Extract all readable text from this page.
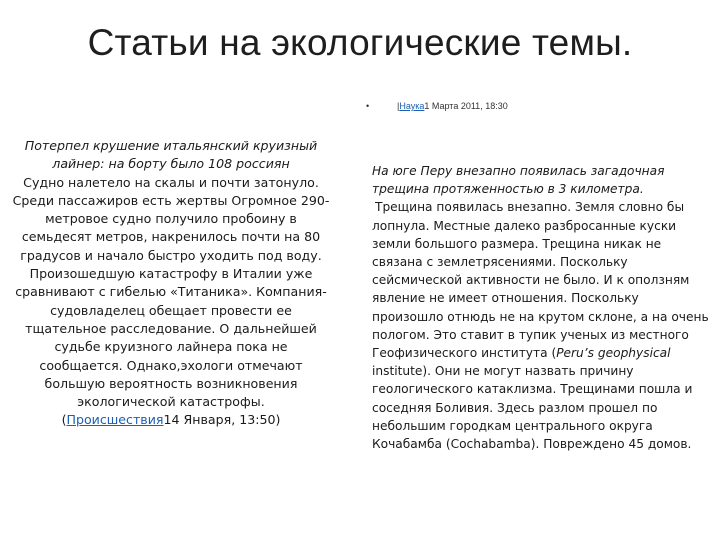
Статьи на экологические темы.
•	|Наука1 Марта 2011, 18:30

Потерпел крушение итальянский круизный лайнер: на борту было 108 россиян

Судно налетело на скалы и почти затонуло. Среди пассажиров есть жертвы Огромное 290-метровое судно получило пробоину в семьдесят метров, накренилось почти на 80 градусов и начало быстро уходить под воду. Произошедшую катастрофу в Италии уже сравнивают с гибелью «Титаника». Компания-судовладелец обещает провести ее тщательное расследование. О дальнейшей судьбе круизного лайнера пока не сообщается. Однако,эхологи отмечают большую вероятность возникновения экологической катастрофы.
(Происшествия14 Января, 13:50)

На юге Перу внезапно появилась загадочная трещина протяженностью в 3 километра.

Трещина появилась внезапно. Земля словно бы лопнула. Местные далеко разбросанные куски земли большого размера. Трещина никак не связана с землетрясениями. Поскольку сейсмической активности не было. И к оползням явление не имеет отношения. Поскольку произошло отнюдь не на крутом склоне, а на очень пологом. Это ставит в тупик ученых из местного Геофизического института (Peru’s geophysical institute). Они не могут назвать причину геологического катаклизма. Трещинами пошла и соседняя Боливия. Здесь разлом прошел по небольшим городкам центрального округа Кочабамба (Cochabamba). Повреждено 45 домов.
